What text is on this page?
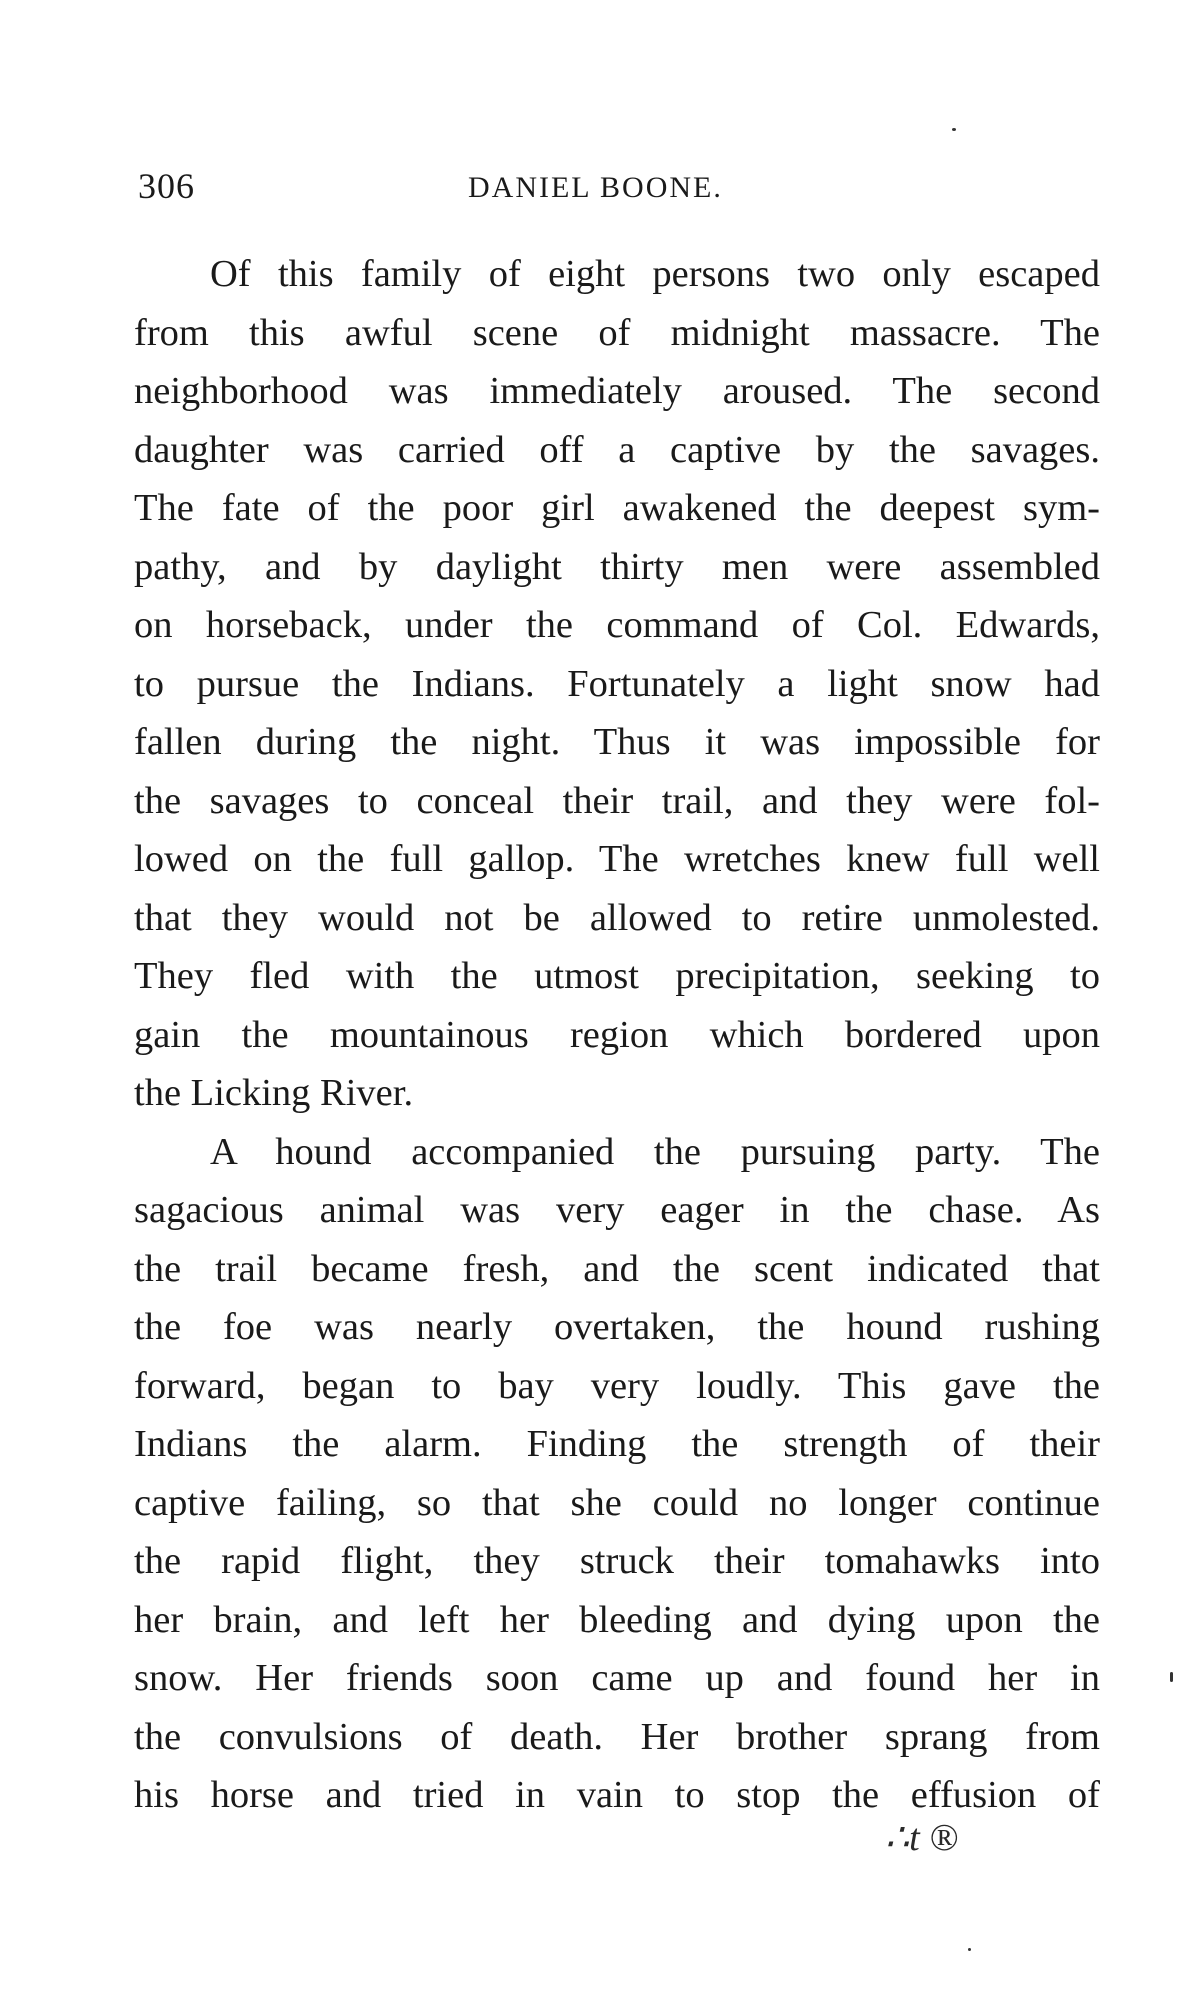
306	DANIEL BOONE.

Of this family of eight persons two only escaped
from this awful scene of midnight massacre. The
neighborhood was immediately aroused. The second
daughter was carried off a captive by the savages.
The fate of the poor girl awakened the deepest sym-
pathy, and by daylight thirty men were assembled
on horseback, under the command of Col. Edwards,
to pursue the Indians. Fortunately a light snow had
fallen during the night. Thus it was impossible for
the savages to conceal their trail, and they were fol-
lowed on the full gallop. The wretches knew full well
that they would not be allowed to retire unmolested.
They fled with the utmost precipitation, seeking to
gain the mountainous region which bordered upon
the Licking River.

A hound accompanied the pursuing party. The
sagacious animal was very eager in the chase. As
the trail became fresh, and the scent indicated that
the foe was nearly overtaken, the hound rushing
forward, began to bay very loudly. This gave the
Indians the alarm. Finding the strength of their
captive failing, so that she could no longer continue
the rapid flight, they struck their tomahawks into
her brain, and left her bleeding and dying upon the
snow. Her friends soon came up and found her in
the convulsions of death. Her brother sprang from
his horse and tried in vain to stop the effusion of

∴t ®
